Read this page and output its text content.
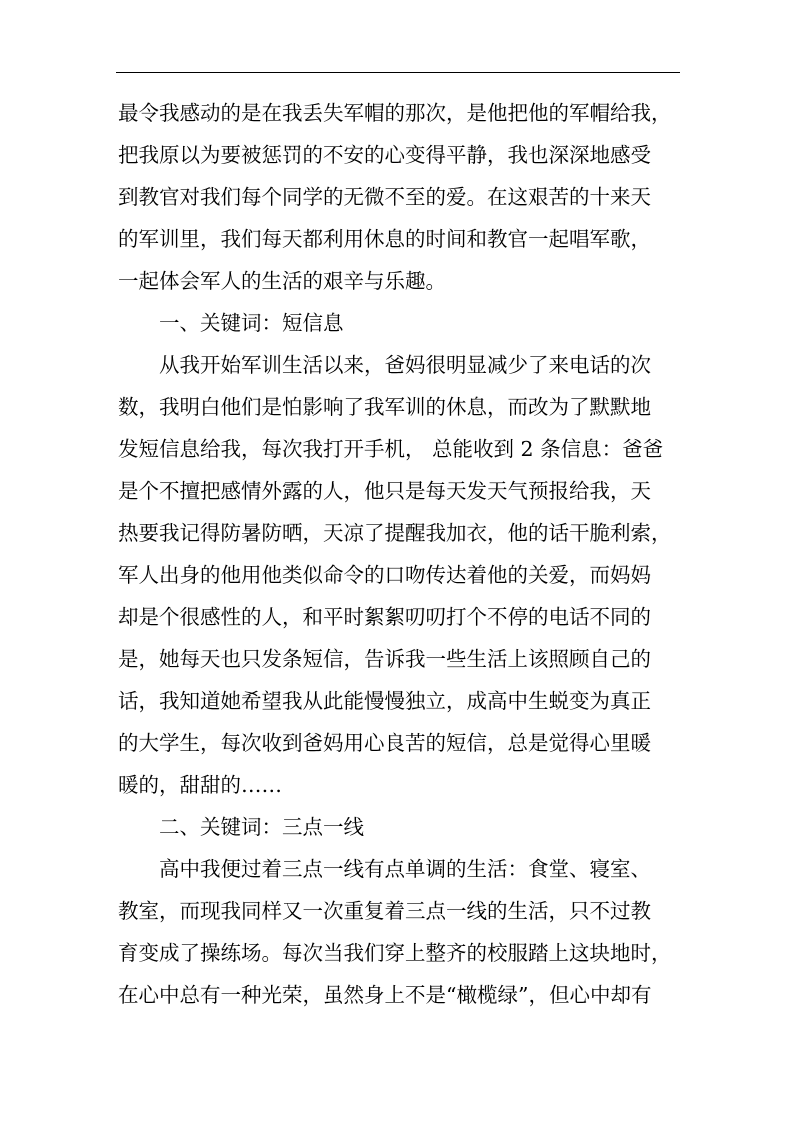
最令我感动的是在我丢失军帽的那次，是他把他的军帽给我，
把我原以为要被惩罚的不安的心变得平静，我也深深地感受
到教官对我们每个同学的无微不至的爱。在这艰苦的十来天
的军训里，我们每天都利用休息的时间和教官一起唱军歌，
一起体会军人的生活的艰辛与乐趣。
一、关键词：短信息
从我开始军训生活以来，爸妈很明显减少了来电话的次
数，我明白他们是怕影响了我军训的休息，而改为了默默地
发短信息给我，每次我打开手机， 总能收到 2 条信息：爸爸
是个不擅把感情外露的人，他只是每天发天气预报给我，天
热要我记得防暑防晒，天凉了提醒我加衣，他的话干脆利索，
军人出身的他用他类似命令的口吻传达着他的关爱，而妈妈
却是个很感性的人，和平时絮絮叨叨打个不停的电话不同的
是，她每天也只发条短信，告诉我一些生活上该照顾自己的
话，我知道她希望我从此能慢慢独立，成高中生蜕变为真正
的大学生，每次收到爸妈用心良苦的短信，总是觉得心里暖
暖的，甜甜的……
二、关键词：三点一线
高中我便过着三点一线有点单调的生活：食堂、寝室、
教室，而现我同样又一次重复着三点一线的生活，只不过教
育变成了操练场。每次当我们穿上整齐的校服踏上这块地时，
在心中总有一种光荣，虽然身上不是“橄榄绿”，但心中却有
